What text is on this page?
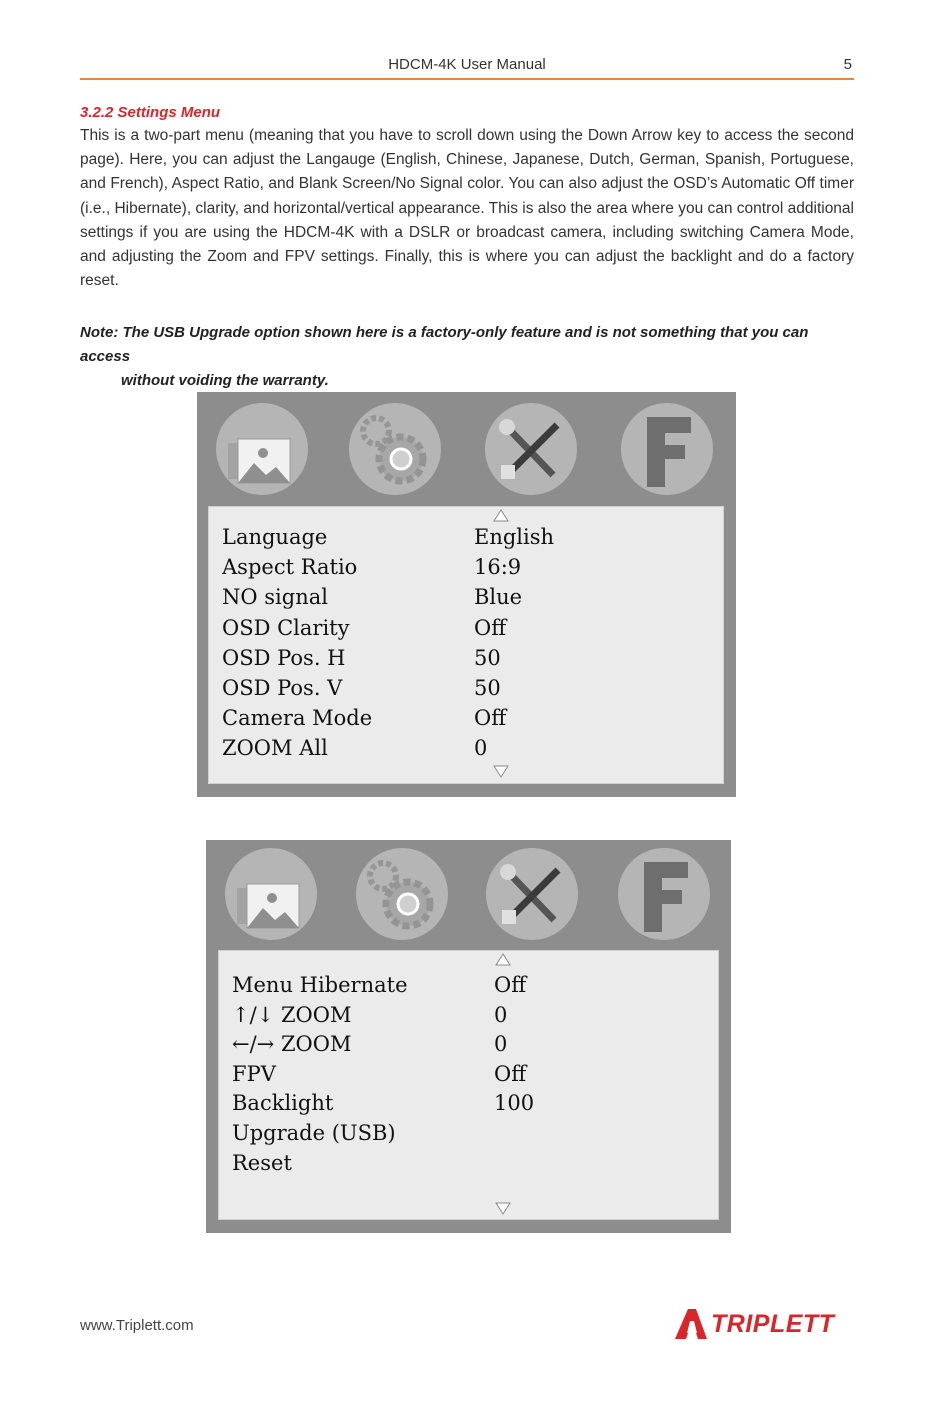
HDCM-4K User Manual	5
3.2.2 Settings Menu
This is a two-part menu (meaning that you have to scroll down using the Down Arrow key to access the second page). Here, you can adjust the Langauge (English, Chinese, Japanese, Dutch, German, Spanish, Portuguese, and French), Aspect Ratio, and Blank Screen/No Signal color. You can also adjust the OSD’s Automatic Off timer (i.e., Hibernate), clarity, and horizontal/vertical appearance. This is also the area where you can control additional settings if you are using the HDCM-4K with a DSLR or broadcast camera, including switching Camera Mode, and adjusting the Zoom and FPV settings. Finally, this is where you can adjust the backlight and do a factory reset.
Note: The USB Upgrade option shown here is a factory-only feature and is not something that you can access
without voiding the warranty.
Language	English
Aspect Ratio	16:9
NO signal	Blue
OSD Clarity	Off
OSD Pos. H	50
OSD Pos. V	50
Camera Mode	Off
ZOOM All	0
Menu Hibernate	Off
↑/↓ ZOOM	0
←/→ ZOOM	0
FPV	Off
Backlight	100
Upgrade (USB)
Reset
www.Triplett.com	TRIPLETT
